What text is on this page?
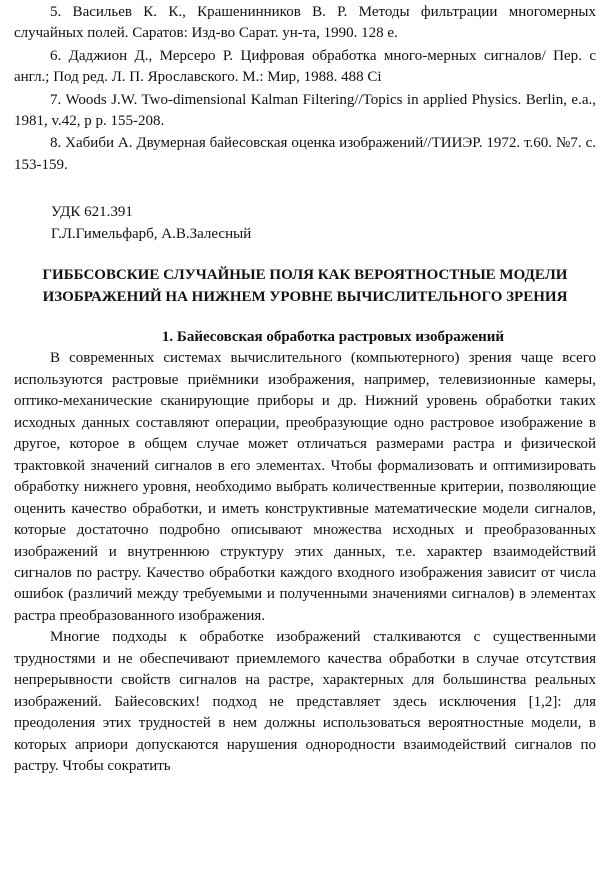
5. Васильев К. К., Крашенинников В. Р. Методы фильтрации многомерных случайных полей. Саратов: Изд-во Сарат. ун-та, 1990. 128 е.

6. Даджион Д., Мерсеро Р. Цифровая обработка много-мерных сигналов/ Пер. с англ.; Под ред. Л. П. Ярославского. М.: Мир, 1988. 488 Сі

7. Woods J.W. Two-dimensional Kalman Filtering//Topics in applied Physics. Berlin, e.a., 1981, v.42, p p. 155-208.

8. Хабиби А. Двумерная байесовская оценка изображений//ТИИЭР. 1972. т.60. №7. с. 153-159.

УДК 621.391
Г.Л.Гимельфарб, А.В.Залесный
ГИББСОВСКИЕ СЛУЧАЙНЫЕ ПОЛЯ КАК ВЕРОЯТНОСТНЫЕ МОДЕЛИ ИЗОБРАЖЕНИЙ НА НИЖНЕМ УРОВНЕ ВЫЧИСЛИТЕЛЬНОГО ЗРЕНИЯ
1. Байесовская обработка растровых изображений

В современных системах вычислительного (компьютерного) зрения чаще всего используются растровые приёмники изображения, например, телевизионные камеры, оптико-механические сканирующие приборы и др. Нижний уровень обработки таких исходных данных составляют операции, преобразующие одно растровое изображение в другое, которое в общем случае может отличаться размерами растра и физической трактовкой значений сигналов в его элементах. Чтобы формализовать и оптимизировать обработку нижнего уровня, необходимо выбрать количественные критерии, позволяющие оценить качество обработки, и иметь конструктивные математические модели сигналов, которые достаточно подробно описывают множества исходных и преобразованных изображений и внутреннюю структуру этих данных, т.е. характер взаимодействий сигналов по растру. Качество обработки каждого входного изображения зависит от числа ошибок (различий между требуемыми и полученными значениями сигналов) в элементах растра преобразованного изображения.

Многие подходы к обработке изображений сталкиваются с существенными трудностями и не обеспечивают приемлемого качества обработки в случае отсутствия непрерывности свойств сигналов на растре, характерных для большинства реальных изображений. Байесовских! подход не представляет здесь исключения [1,2]: для преодоления этих трудностей в нем должны использоваться вероятностные модели, в которых априори допускаются нарушения однородности взаимодействий сигналов по растру. Чтобы сократить
